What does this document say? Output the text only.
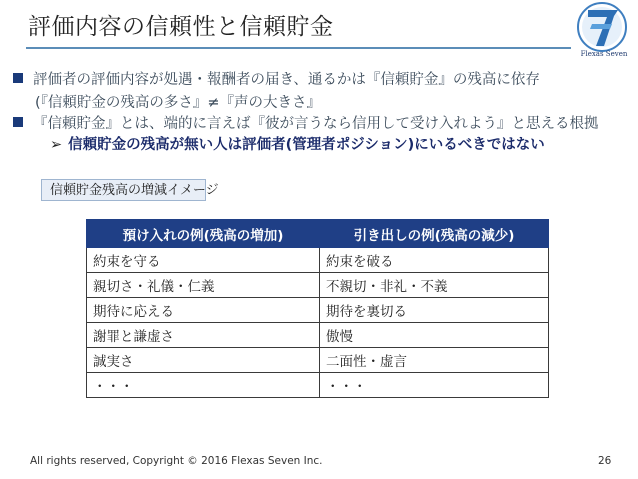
評価内容の信頼性と信頼貯金
Flexas Seven
評価者の評価内容が処遇・報酬者の届き、通るかは『信頼貯金』の残高に依存
(『信頼貯金の残高の多さ』≠『声の大きさ』
『信頼貯金』とは、端的に言えば『彼が言うなら信用して受け入れよう』と思える根拠
➢ 信頼貯金の残高が無い人は評価者(管理者ポジション)にいるべきではない
信頼貯金残高の増減イメージ
預け入れの例(残高の増加)	引き出しの例(残高の減少)
約束を守る	約束を破る
親切さ・礼儀・仁義	不親切・非礼・不義
期待に応える	期待を裏切る
謝罪と謙虚さ	傲慢
誠実さ	二面性・虚言
・・・	・・・
All rights reserved, Copyright © 2016 Flexas Seven Inc.	26
